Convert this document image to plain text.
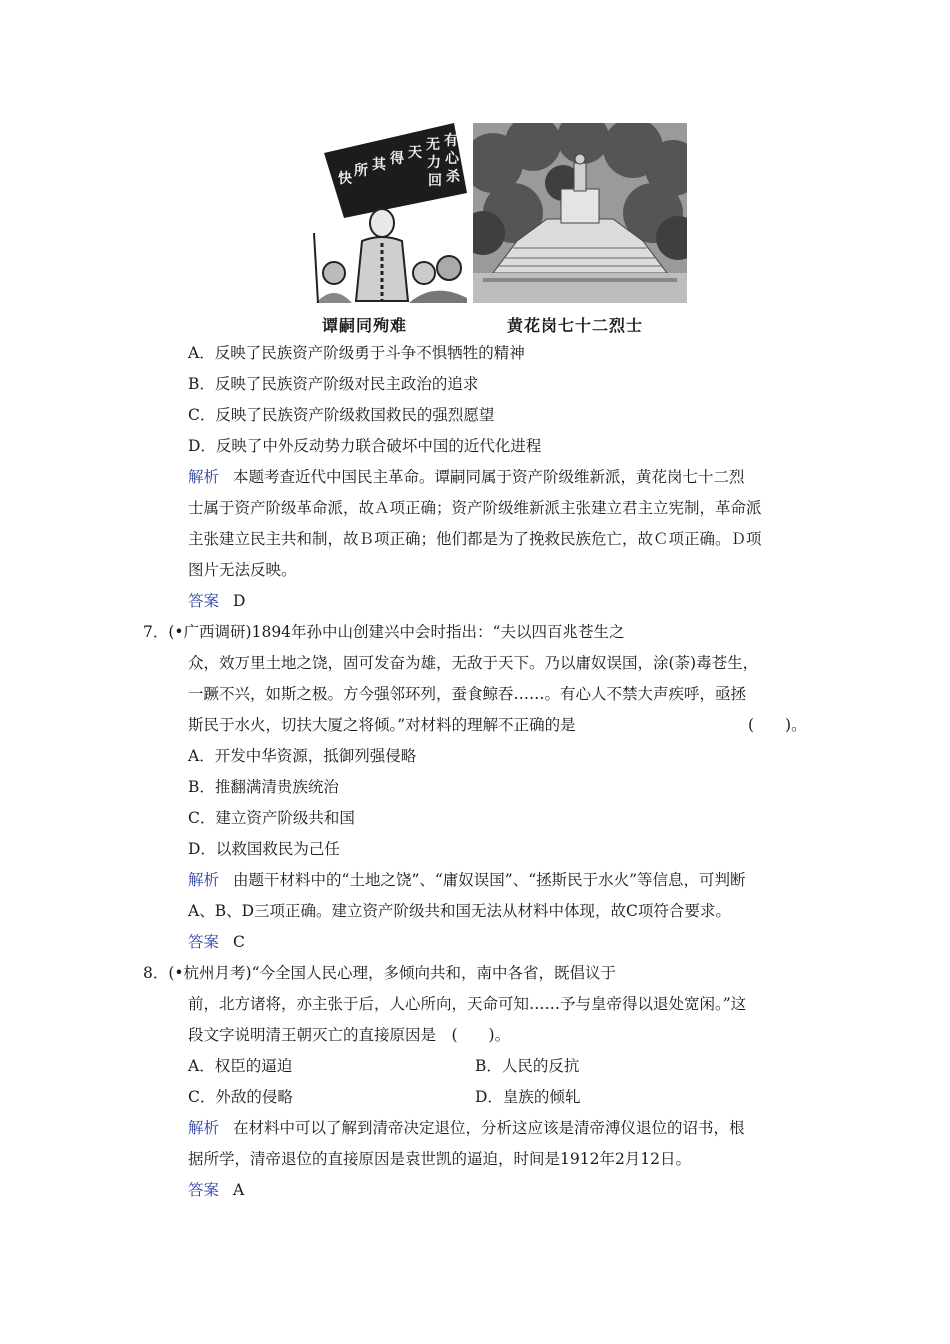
有
心
杀
无
力
回
天
得
其
所
快
谭嗣同殉难	黄花岗七十二烈士
A．反映了民族资产阶级勇于斗争不惧牺牲的精神
B．反映了民族资产阶级对民主政治的追求
C．反映了民族资产阶级救国救民的强烈愿望
D．反映了中外反动势力联合破坏中国的近代化进程
解析 本题考查近代中国民主革命。谭嗣同属于资产阶级维新派，黄花岗七十二烈
士属于资产阶级革命派，故Ａ项正确；资产阶级维新派主张建立君主立宪制，革命派
主张建立民主共和制，故Ｂ项正确；他们都是为了挽救民族危亡，故Ｃ项正确。Ｄ项
图片无法反映。
答案 D
7．(•广西调研)1894年孙中山创建兴中会时指出：“夫以四百兆苍生之
众，效万里土地之饶，固可发奋为雄，无敌于天下。乃以庸奴误国，涂(荼)毒苍生，
一蹶不兴，如斯之极。方今强邻环列，蚕食鲸吞……。有心人不禁大声疾呼，亟拯
斯民于水火，切扶大厦之将倾。”对材料的理解不正确的是	(　　)。
A．开发中华资源，抵御列强侵略
B．推翻满清贵族统治
C．建立资产阶级共和国
D．以救国救民为己任
解析 由题干材料中的“土地之饶”、“庸奴误国”、“拯斯民于水火”等信息，可判断
A、B、D三项正确。建立资产阶级共和国无法从材料中体现，故C项符合要求。
答案 C
8．(•杭州月考)“今全国人民心理，多倾向共和，南中各省，既倡议于
前，北方诸将，亦主张于后，人心所向，天命可知……予与皇帝得以退处宽闲。”这
段文字说明清王朝灭亡的直接原因是　(　　)。
A．权臣的逼迫	B．人民的反抗
C．外敌的侵略	D．皇族的倾轧
解析 在材料中可以了解到清帝决定退位，分析这应该是清帝溥仪退位的诏书，根
据所学，清帝退位的直接原因是袁世凯的逼迫，时间是1912年2月12日。
答案 A
